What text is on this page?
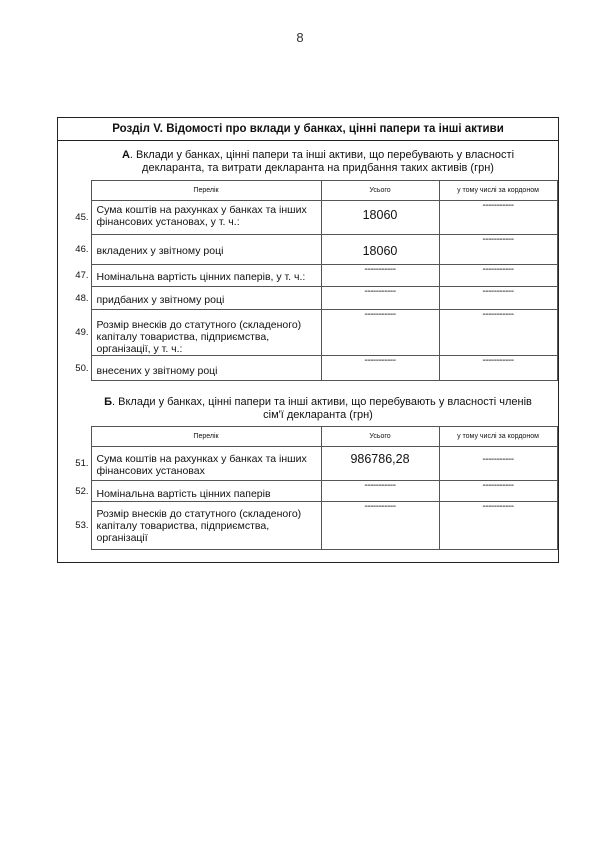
8
Розділ V. Відомості про вклади у банках, цінні папери та інші активи
А. Вклади у банках, цінні папери та інші активи, що перебувають у власності декларанта, та витрати декларанта на придбання таких активів (грн)
	Перелік	Усього	у тому числі за кордоном
45.	Сума коштів на рахунках у банках та інших фінансових установах, у т. ч.:	18060	-----------
46.	вкладених у звітному році	18060	-----------
47.	Номінальна вартість цінних паперів, у т. ч.:	-----------	-----------
48.	придбаних у звітному році	-----------	-----------
49.	Розмір внесків до статутного (складеного) капіталу товариства, підприємства, організації, у т. ч.:	-----------	-----------
50.	внесених у звітному році	-----------	-----------
Б. Вклади у банках, цінні папери та інші активи, що перебувають у власності членів сім'ї декларанта (грн)
	Перелік	Усього	у тому числі за кордоном
51.	Сума коштів на рахунках у банках та інших фінансових установах	986786,28	-----------
52.	Номінальна вартість цінних паперів	-----------	-----------
53.	Розмір внесків до статутного (складеного) капіталу товариства, підприємства, організації	-----------	-----------
